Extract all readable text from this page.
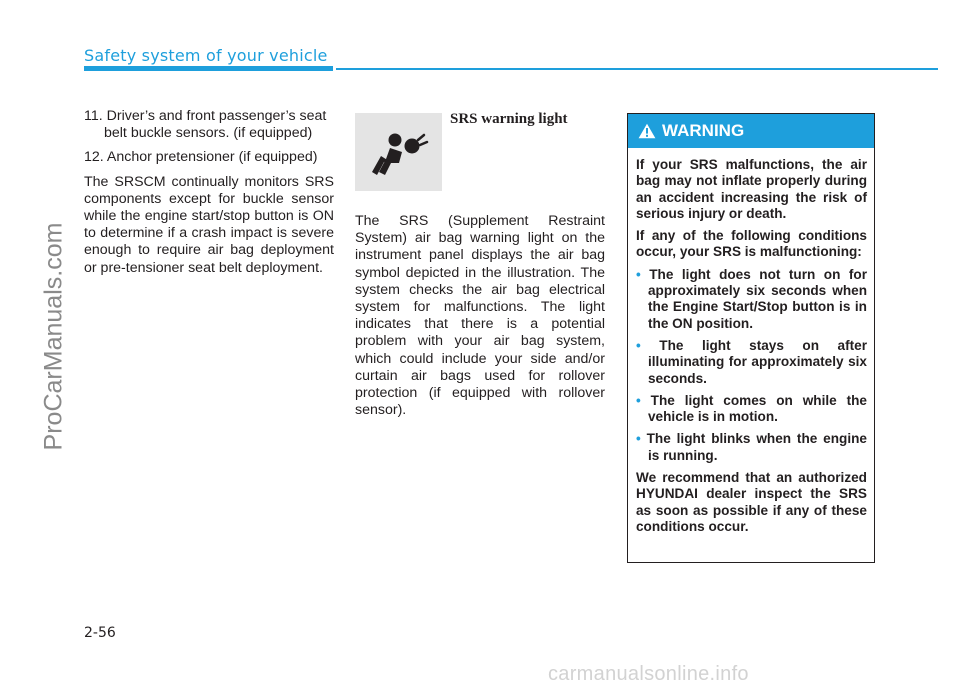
Safety system of your vehicle
ProCarManuals.com
11. Driver’s and front passenger’s seat belt buckle sensors. (if equipped)
12. Anchor pretensioner (if equipped)

The SRSCM continually monitors SRS components except for buckle sensor while the engine start/stop button is ON to determine if a crash impact is severe enough to require air bag deployment or pre-tensioner seat belt deployment.

SRS warning light

The SRS (Supplement Restraint System) air bag warning light on the instrument panel displays the air bag symbol depicted in the illustration. The system checks the air bag electrical system for malfunctions. The light indicates that there is a potential problem with your air bag system, which could include your side and/or curtain air bags used for rollover protection (if equipped with rollover sensor).

WARNING

If your SRS malfunctions, the air bag may not inflate properly during an accident increasing the risk of serious injury or death.

If any of the following conditions occur, your SRS is malfunctioning:

• The light does not turn on for approximately six seconds when the Engine Start/Stop button is in the ON position.
• The light stays on after illuminating for approximately six seconds.
• The light comes on while the vehicle is in motion.
• The light blinks when the engine is running.

We recommend that an authorized HYUNDAI dealer inspect the SRS as soon as possible if any of these conditions occur.

2-56
carmanualsonline.info
